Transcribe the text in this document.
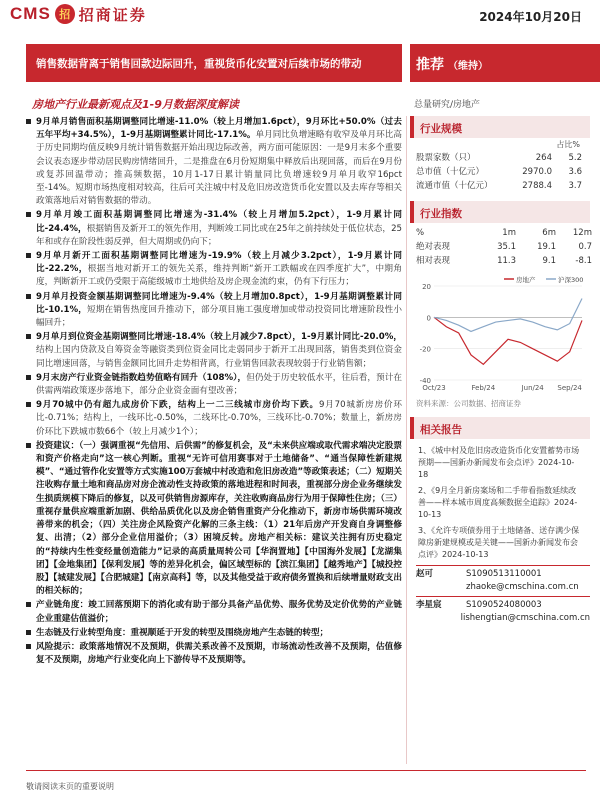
CMS 招 招商证券	2024年10月20日
销售数据背离于销售回款边际回升，重视货币化安置对后续市场的带动	推荐 （维持）
房地产行业最新观点及1-9月数据深度解读	总量研究/房地产
9月单月销售面积基期调整同比增速-11.0%（较上月增加1.6pct），9月环比+50.0%（过去五年平均+34.5%），1-9月基期调整累计同比-17.1%。单月同比负增速略有收窄及单月环比高于历史同期均值反映9月统计销售数据开始出现边际改善，两方面可能原因：一是9月末多个重要会议表态逐步带动居民购房情绪回升，二是推盘在6月份短期集中释放后出现回落，而后在9月份或复苏回温带动；推高频数据，10月1-17日累计销量同比负增速较9月单月收窄16pct至-14%。短期市场热度相对较高，往后可关注城中村及危旧房改造货币化安置以及去库存等相关政策落地后对销售数据的带动。
9月单月竣工面积基期调整同比增速为-31.4%（较上月增加5.2pct），1-9月累计同比-24.4%，根据销售及新开工的领先作用，判断竣工同比或在25年之前持续处于低位状态，25年和或存在阶段性弱反弹，但大周期或仍向下；
9月单月新开工面积基期调整同比增速为-19.9%（较上月减少3.2pct），1-9月累计同比-22.2%，根据当地对新开工的领先关系，维持判断“新开工跌幅或在四季度扩大”，中期角度，判断新开工或仍受限于高能级城市土地供给及房企现金流约束，仍有下行压力；
9月单月投资金额基期调整同比增速为-9.4%（较上月增加0.8pct），1-9月基期调整累计同比-10.1%，短期在销售热度回升推动下，部分项目施工强度增加或带动投资同比增速阶段性小幅回升；
9月单月到位资金基期调整同比增速-18.4%（较上月减少7.8pct），1-9月累计同比-20.0%，结构上国内贷款及自筹资金等融资类到位资金同比走弱同步于新开工出现回落，销售类到位资金同比增速回落，与销售金额同比回升走势相背离，行业销售回款表现较弱于行业销售额；
9月末房产行业资金链指数趋势值略有回升（108%），但仍处于历史较低水平，往后看，预计在供需两端政策逐步落地下，部分企业资金面有望改善；
9月70城中仍有超九成房价下跌，结构上一二三线城市房价均下跌。9月70城新房房价环比-0.71%；结构上，一线环比-0.50%，二线环比-0.70%，三线环比-0.70%；数量上，新房房价环比下跌城市数66个（较上月减少1个）；
投资建议：（一）强调重视“先信用、后供需”的修复机会，及“未来供应端或取代需求端决定股票和资产价格走向”这一核心判断。重视“无许可信用赛事对于土地储备”、“通当保障性新建规模”、“通过管作化安置等方式实施100万套城中村改造和危旧房改造”等政策表述；（二）短期关注收购存量土地和商品房对房企流动性支持政策的落地进程和时间表，重视部分房企业务继续发生损质规模下降后的修复，以及可供销售房源库存，关注收购商品房行为用于保障性住房；（三）重视存量供应端重新加剧、供给品质优化以及房企销售重资产分化推动下，新房市场供需环境改善带来的机会；（四）关注房企风险资产化解的三条主线：（1）21年后房产开发商自身调整修复、出清；（2）部分企业信用溢价；（3）困境反转。房地产相关标：建议关注拥有历史稳定的“持续内生性变经量创造能力”记录的高质量周转公司【华润置地】【中国海外发展】【龙湖集团】【金地集团】【保利发展】等的差异化机会，偏区域型标的【滨江集团】【越秀地产】【城投控股】【城建发展】【合肥城建】【南京高科】等，以及其他受益于政府债务置换和后续增量财政支出的相关标的；
产业链角度：竣工回落预期下的消化或有助于部分具备产品优势、服务优势及定价优势的产业链企业重建估值溢价；
生态链及行业转型角度：重视顺延于开发的转型及围绕房地产生态链的转型；
风险提示：政策落地情况不及预期，供需关系改善不及预期，市场流动性改善不及预期，估值修复不及预期，房地产行业变化向上下游传导不及预期等。
行业规模
占比%
股票家数（只）	264	5.2
总市值（十亿元）	2970.0	3.6
流通市值（十亿元）	2788.4	3.7
行业指数
%	1m	6m	12m
绝对表现	35.1	19.1	0.7
相对表现	11.3	9.1	-8.1
20
0
-20
-40
Oct/23	Feb/24	Jun/24 Sep/24
房地产	沪深300
资料来源：公司数据、招商证券
相关报告
1、《城中村及危旧房改造货币化安置蓄势市场预期——国新办新闻发布会点评》2024-10-18
2、《9月全月新房案场和二手带看指数延续改善——样本城市周度高频数据全追踪》2024-10-13
3、《允许专项债券用于土地储备、送存满少保障房新建规模或是关键——国新办新闻发布会点评》2024-10-13
赵可	S1090513110001
zhaoke@cmschina.com.cn
李星宸	S1090524080003
lishengtian@cmschina.com.cn
敬请阅读末页的重要说明
